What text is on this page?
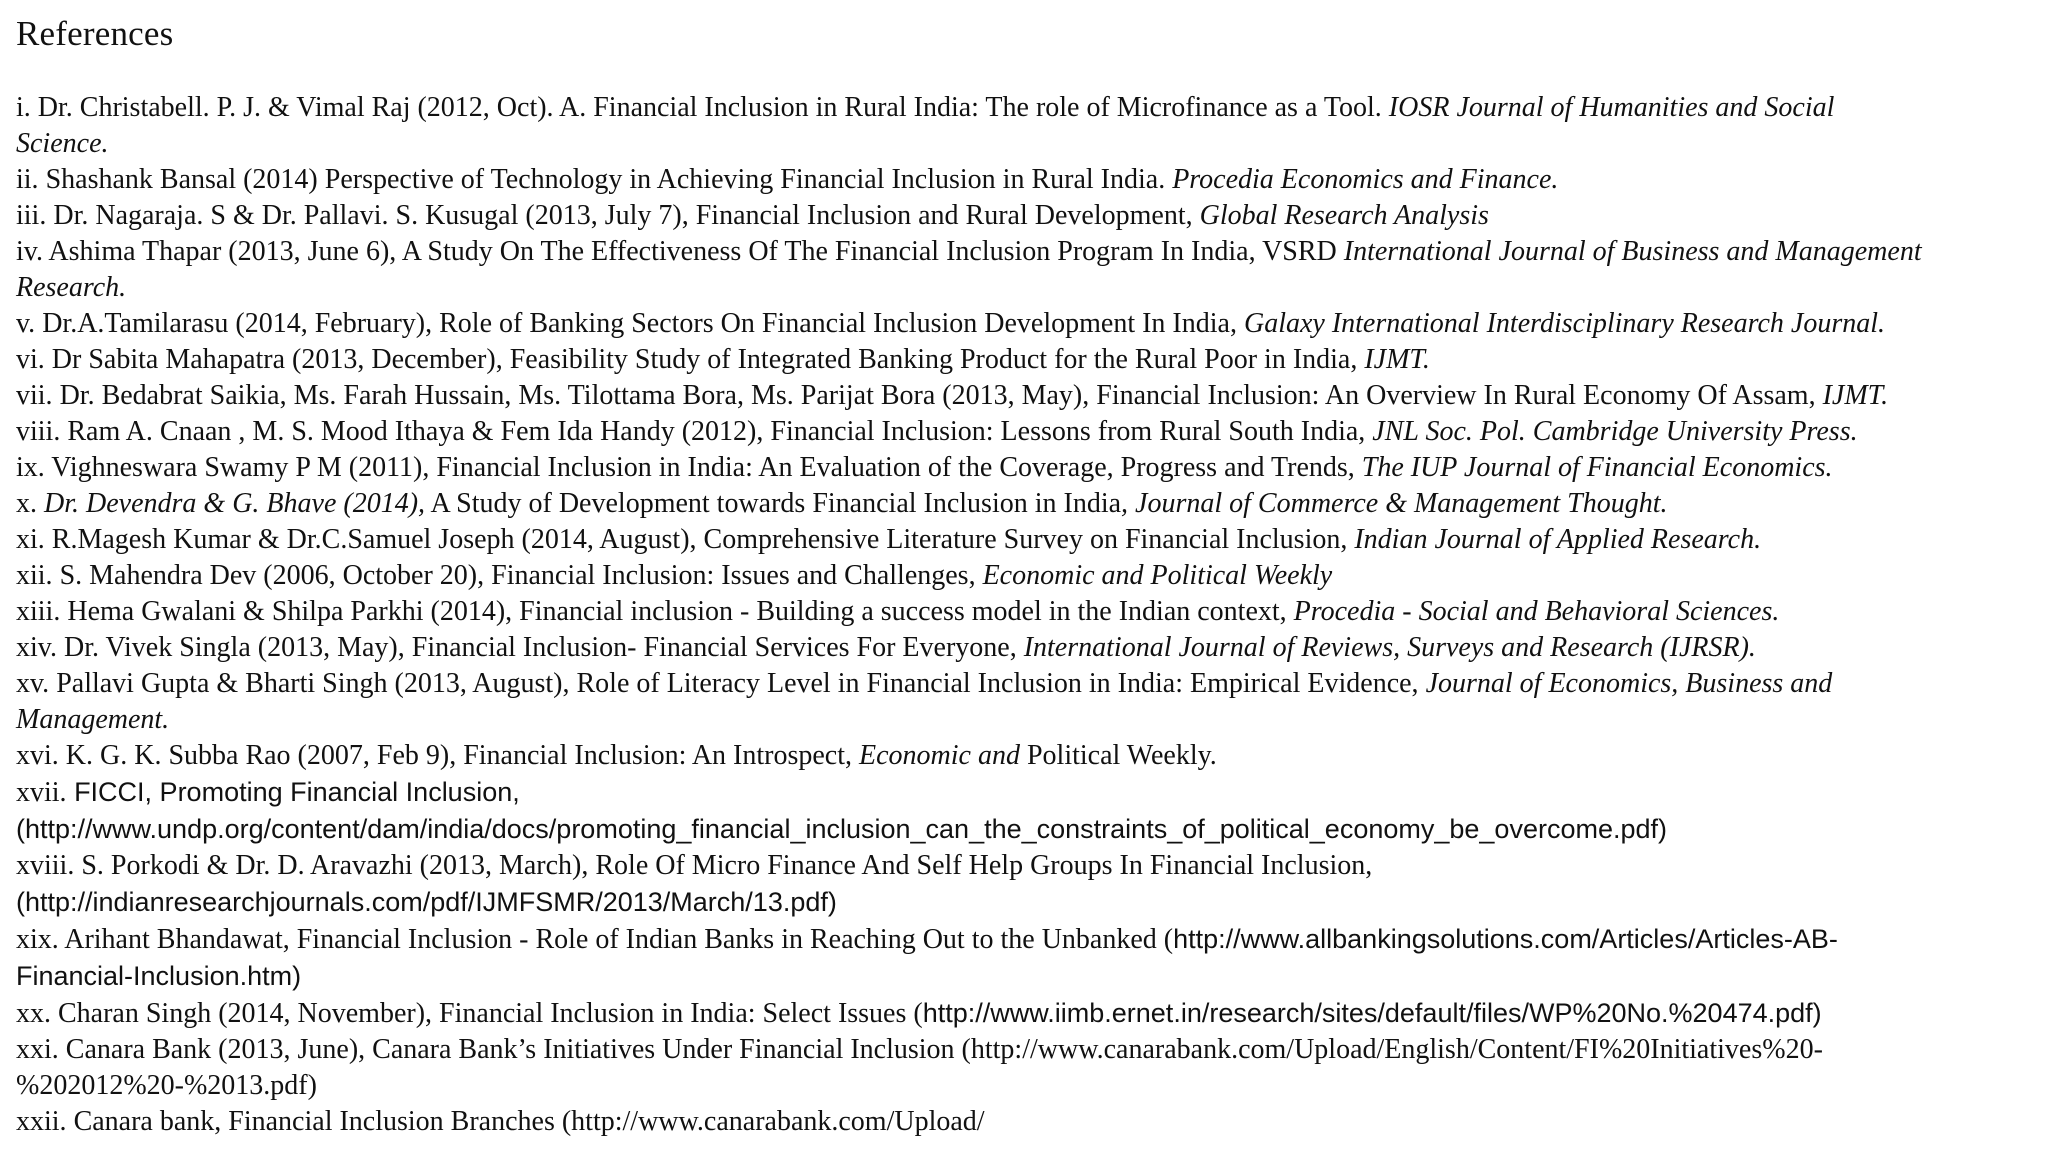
References
i. Dr. Christabell. P. J. & Vimal Raj (2012, Oct). A. Financial Inclusion in Rural India: The role of Microfinance as a Tool. IOSR Journal of Humanities and Social
Science.
ii. Shashank Bansal (2014) Perspective of Technology in Achieving Financial Inclusion in Rural India. Procedia Economics and Finance.
iii. Dr. Nagaraja. S & Dr. Pallavi. S. Kusugal (2013, July 7), Financial Inclusion and Rural Development, Global Research Analysis
iv. Ashima Thapar (2013, June 6), A Study On The Effectiveness Of The Financial Inclusion Program In India, VSRD International Journal of Business and Management
Research.
v. Dr.A.Tamilarasu (2014, February), Role of Banking Sectors On Financial Inclusion Development In India, Galaxy International Interdisciplinary Research Journal.
vi. Dr Sabita Mahapatra (2013, December), Feasibility Study of Integrated Banking Product for the Rural Poor in India, IJMT.
vii. Dr. Bedabrat Saikia, Ms. Farah Hussain, Ms. Tilottama Bora, Ms. Parijat Bora (2013, May), Financial Inclusion: An Overview In Rural Economy Of Assam, IJMT.
viii. Ram A. Cnaan , M. S. Mood Ithaya & Fem Ida Handy (2012), Financial Inclusion: Lessons from Rural South India, JNL Soc. Pol. Cambridge University Press.
ix. Vighneswara Swamy P M (2011), Financial Inclusion in India: An Evaluation of the Coverage, Progress and Trends, The IUP Journal of Financial Economics.
x. Dr. Devendra & G. Bhave (2014), A Study of Development towards Financial Inclusion in India, Journal of Commerce & Management Thought.
xi. R.Magesh Kumar & Dr.C.Samuel Joseph (2014, August), Comprehensive Literature Survey on Financial Inclusion, Indian Journal of Applied Research.
xii. S. Mahendra Dev (2006, October 20), Financial Inclusion: Issues and Challenges, Economic and Political Weekly
xiii. Hema Gwalani & Shilpa Parkhi (2014), Financial inclusion - Building a success model in the Indian context, Procedia - Social and Behavioral Sciences.
xiv. Dr. Vivek Singla (2013, May), Financial Inclusion- Financial Services For Everyone, International Journal of Reviews, Surveys and Research (IJRSR).
xv. Pallavi Gupta & Bharti Singh (2013, August), Role of Literacy Level in Financial Inclusion in India: Empirical Evidence, Journal of Economics, Business and
Management.
xvi. K. G. K. Subba Rao (2007, Feb 9), Financial Inclusion: An Introspect, Economic and Political Weekly.
xvii. FICCI, Promoting Financial Inclusion,
(http://www.undp.org/content/dam/india/docs/promoting_financial_inclusion_can_the_constraints_of_political_economy_be_overcome.pdf)
xviii. S. Porkodi & Dr. D. Aravazhi (2013, March), Role Of Micro Finance And Self Help Groups In Financial Inclusion,
(http://indianresearchjournals.com/pdf/IJMFSMR/2013/March/13.pdf)
xix. Arihant Bhandawat, Financial Inclusion - Role of Indian Banks in Reaching Out to the Unbanked (http://www.allbankingsolutions.com/Articles/Articles-AB-
Financial-Inclusion.htm)
xx. Charan Singh (2014, November), Financial Inclusion in India: Select Issues (http://www.iimb.ernet.in/research/sites/default/files/WP%20No.%20474.pdf)
xxi. Canara Bank (2013, June), Canara Bank’s Initiatives Under Financial Inclusion (http://www.canarabank.com/Upload/English/Content/FI%20Initiatives%20-
%202012%20-%2013.pdf)
xxii. Canara bank, Financial Inclusion Branches (http://www.canarabank.com/Upload/
